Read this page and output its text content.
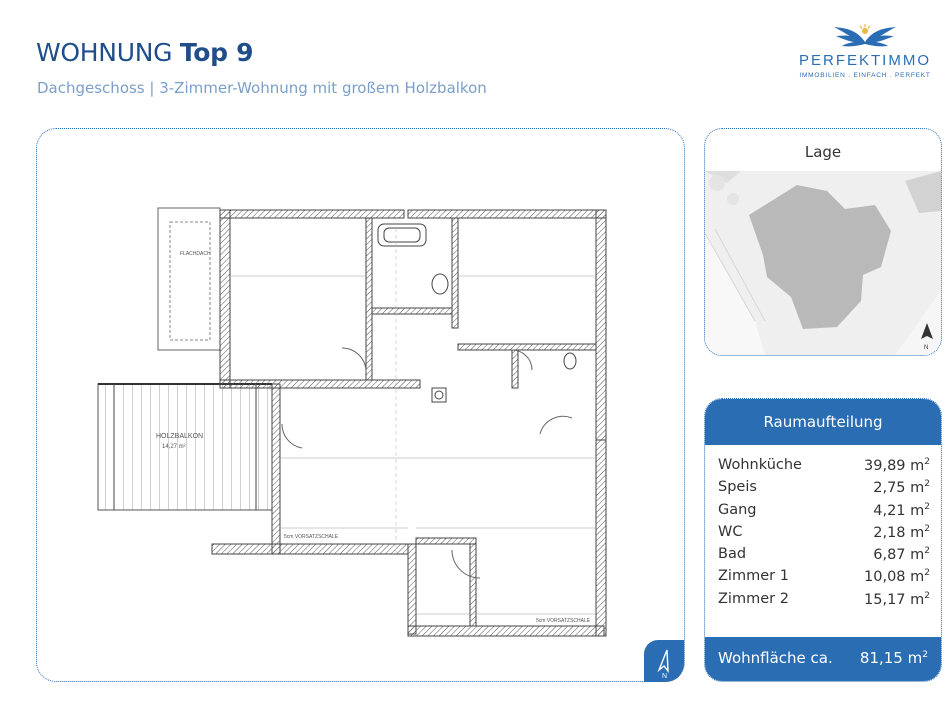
WOHNUNG Top 9
Dachgeschoss | 3-Zimmer-Wohnung mit großem Holzbalkon
PERFEKTIMMO
IMMOBILIEN . EINFACH . PERFEKT
FLACHDACH
HOLZBALKON
14,27 m²
5cm VORSATZSCHALE
5cm VORSATZSCHALE
N
Lage
N
Raumaufteilung
Wohnküche	39,89 $m^2$
Speis	2,75 $m^2$
Gang	4,21 $m^2$
WC	2,18 $m^2$
Bad	6,87 $m^2$
Zimmer 1	10,08 $m^2$
Zimmer 2	15,17 $m^2$
Wohnfläche ca. 81,15 $m^2$
